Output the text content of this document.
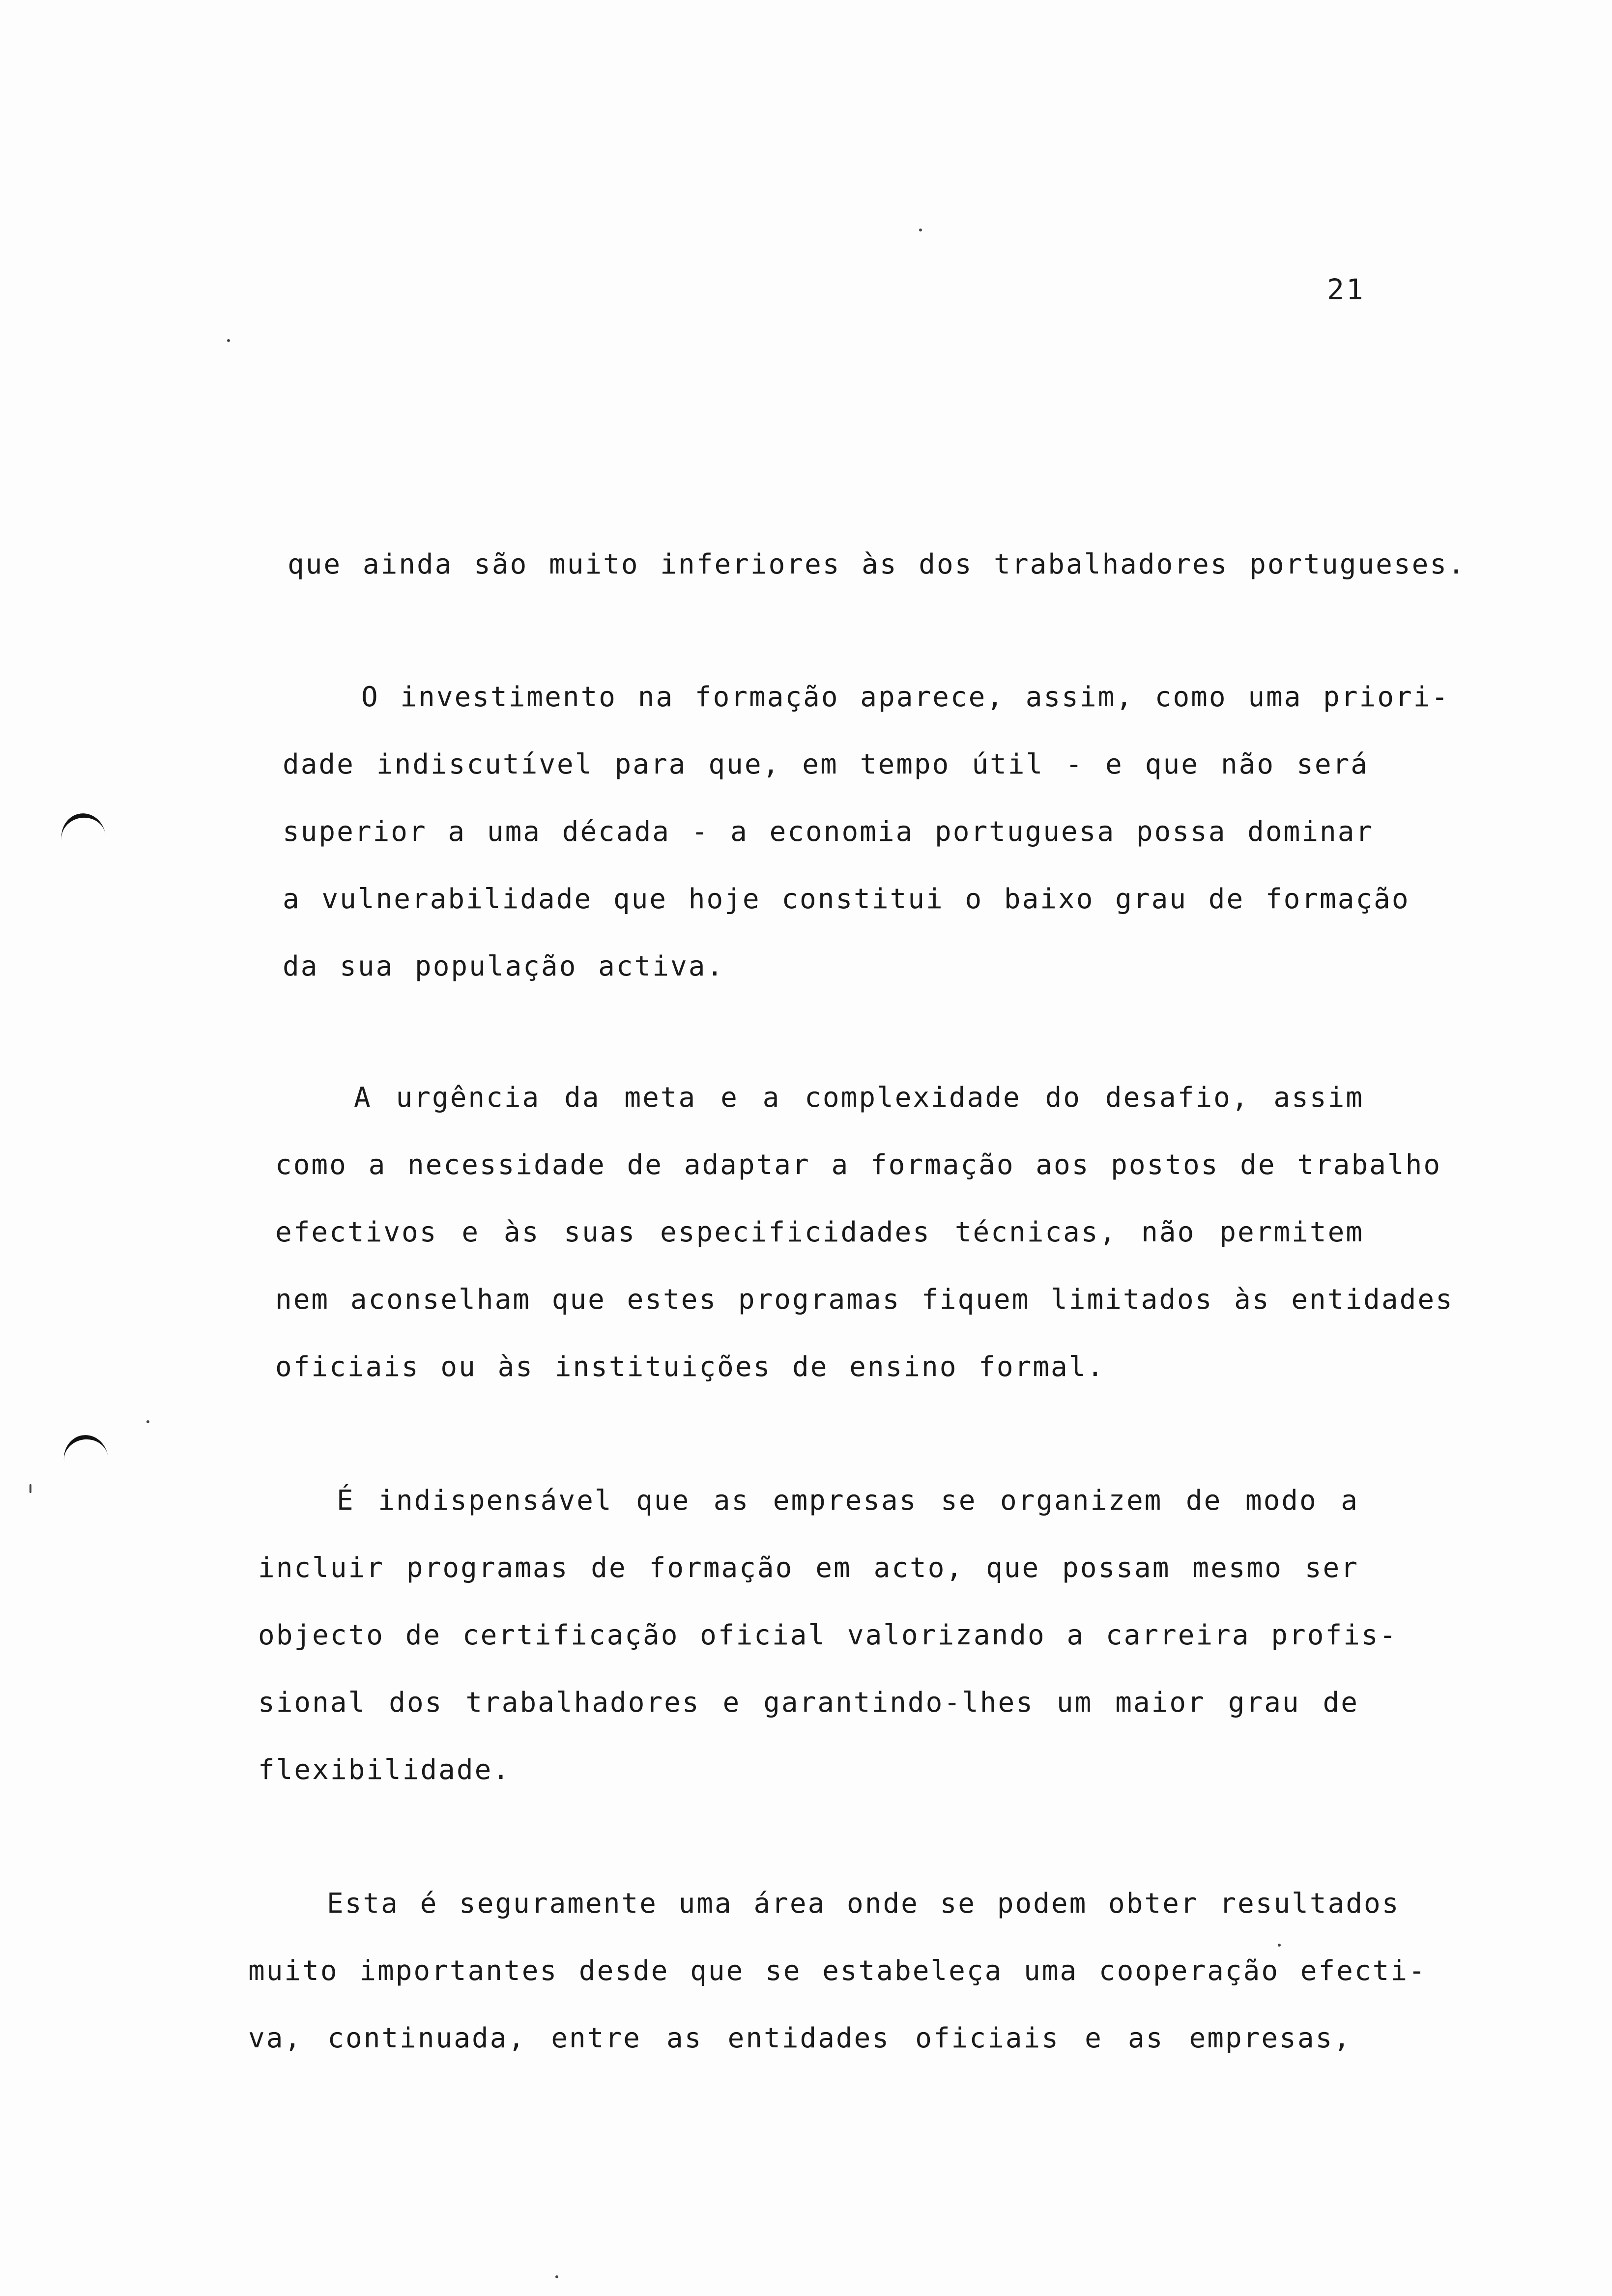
21
que ainda são muito inferiores às dos trabalhadores portugueses.
O investimento na formação aparece, assim, como uma priori-
dade indiscutível para que, em tempo útil - e que não será
superior a uma década - a economia portuguesa possa dominar
a vulnerabilidade que hoje constitui o baixo grau de formação
da sua população activa.
A urgência da meta e a complexidade do desafio, assim
como a necessidade de adaptar a formação aos postos de trabalho
efectivos e às suas especificidades técnicas, não permitem
nem aconselham que estes programas fiquem limitados às entidades
oficiais ou às instituições de ensino formal.
É indispensável que as empresas se organizem de modo a
incluir programas de formação em acto, que possam mesmo ser
objecto de certificação oficial valorizando a carreira profis-
sional dos trabalhadores e garantindo-lhes um maior grau de
flexibilidade.
Esta é seguramente uma área onde se podem obter resultados
muito importantes desde que se estabeleça uma cooperação efecti-
va, continuada, entre as entidades oficiais e as empresas,
